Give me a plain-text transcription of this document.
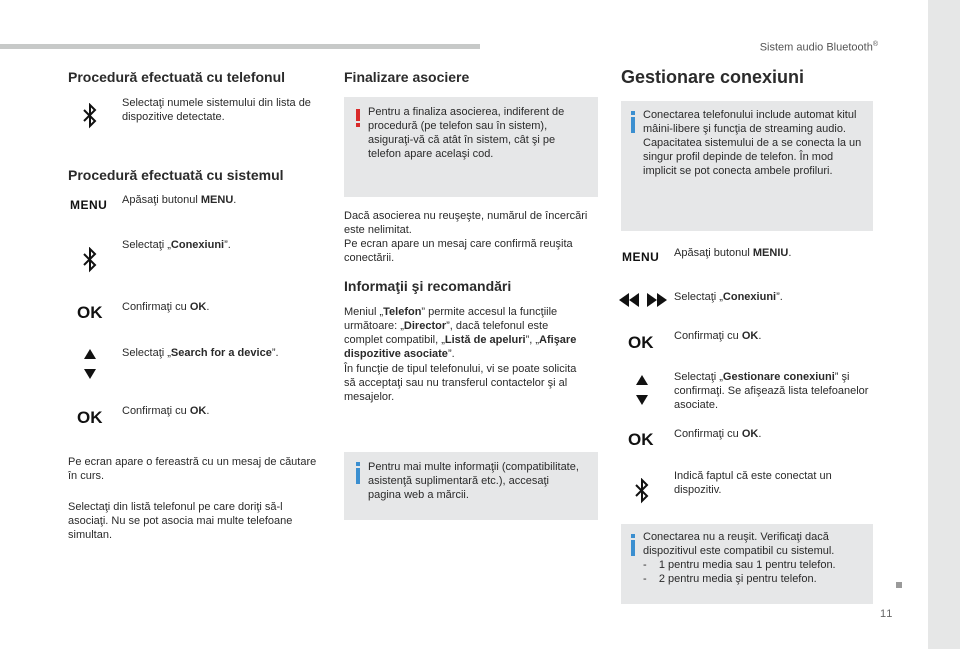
Sistem audio Bluetooth®
11
Procedură efectuată cu telefonul
Selectaţi numele sistemului din lista de dispozitive detectate.
Procedură efectuată cu sistemul
MENU Apăsaţi butonul MENU.
Selectaţi „Conexiuni”.
OK Confirmaţi cu OK.
Selectaţi „Search for a device”.
OK Confirmaţi cu OK.
Pe ecran apare o fereastră cu un mesaj de căutare în curs.
Selectaţi din listă telefonul pe care doriţi să-l asociaţi. Nu se pot asocia mai multe telefoane simultan.
Finalizare asociere
Pentru a finaliza asocierea, indiferent de procedură (pe telefon sau în sistem), asiguraţi-vă că atât în sistem, cât şi pe telefon apare acelaşi cod.
Dacă asocierea nu reuşeşte, numărul de încercări este nelimitat.
Pe ecran apare un mesaj care confirmă reuşita conectării.
Informaţii şi recomandări
Meniul „Telefon” permite accesul la funcţiile următoare: „Director”, dacă telefonul este complet compatibil, „Listă de apeluri”, „Afişare dispozitive asociate”.
În funcţie de tipul telefonului, vi se poate solicita să acceptaţi sau nu transferul contactelor şi al mesajelor.
Pentru mai multe informaţii (compatibilitate, asistenţă suplimentară etc.), accesaţi pagina web a mărcii.
Gestionare conexiuni
Conectarea telefonului include automat kitul mâini-libere şi funcţia de streaming audio.
Capacitatea sistemului de a se conecta la un singur profil depinde de telefon. În mod implicit se pot conecta ambele profiluri.
MENU Apăsaţi butonul MENIU.
Selectaţi „Conexiuni”.
OK Confirmaţi cu OK.
Selectaţi „Gestionare conexiuni” şi confirmaţi. Se afişează lista telefoanelor asociate.
OK Confirmaţi cu OK.
Indică faptul că este conectat un dispozitiv.
Conectarea nu a reuşit. Verificaţi dacă dispozitivul este compatibil cu sistemul.
-    1 pentru media sau 1 pentru telefon.
-    2 pentru media şi pentru telefon.
